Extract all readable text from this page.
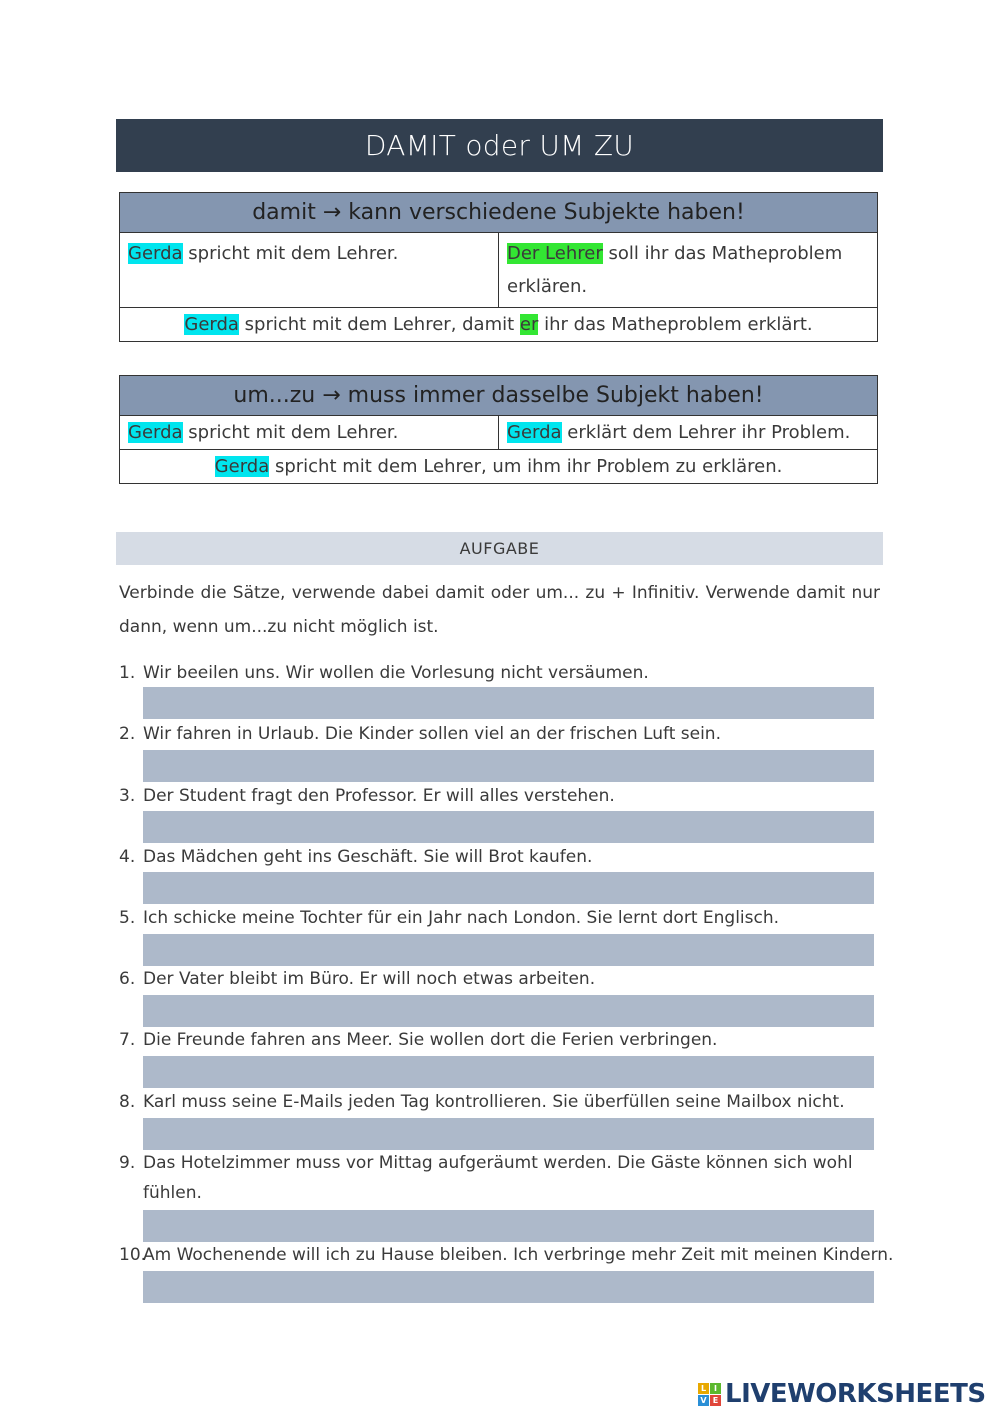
DAMIT oder UM ZU
damit → kann verschiedene Subjekte haben!
Gerda spricht mit dem Lehrer.	Der Lehrer soll ihr das Matheproblem erklären.
Gerda spricht mit dem Lehrer, damit er ihr das Matheproblem erklärt.
um...zu → muss immer dasselbe Subjekt haben!
Gerda spricht mit dem Lehrer.	Gerda erklärt dem Lehrer ihr Problem.
Gerda spricht mit dem Lehrer, um ihm ihr Problem zu erklären.
AUFGABE
Verbinde die Sätze, verwende dabei damit oder um... zu + Infinitiv. Verwende damit nur dann, wenn um...zu nicht möglich ist.
1. Wir beeilen uns. Wir wollen die Vorlesung nicht versäumen.
2. Wir fahren in Urlaub. Die Kinder sollen viel an der frischen Luft sein.
3. Der Student fragt den Professor. Er will alles verstehen.
4. Das Mädchen geht ins Geschäft. Sie will Brot kaufen.
5. Ich schicke meine Tochter für ein Jahr nach London. Sie lernt dort Englisch.
6. Der Vater bleibt im Büro. Er will noch etwas arbeiten.
7. Die Freunde fahren ans Meer. Sie wollen dort die Ferien verbringen.
8. Karl muss seine E-Mails jeden Tag kontrollieren. Sie überfüllen seine Mailbox nicht.
9. Das Hotelzimmer muss vor Mittag aufgeräumt werden. Die Gäste können sich wohl fühlen.
10.
Am Wochenende will ich zu Hause bleiben. Ich verbringe mehr Zeit mit meinen Kindern.
L I
V E LIVEWORKSHEETS
